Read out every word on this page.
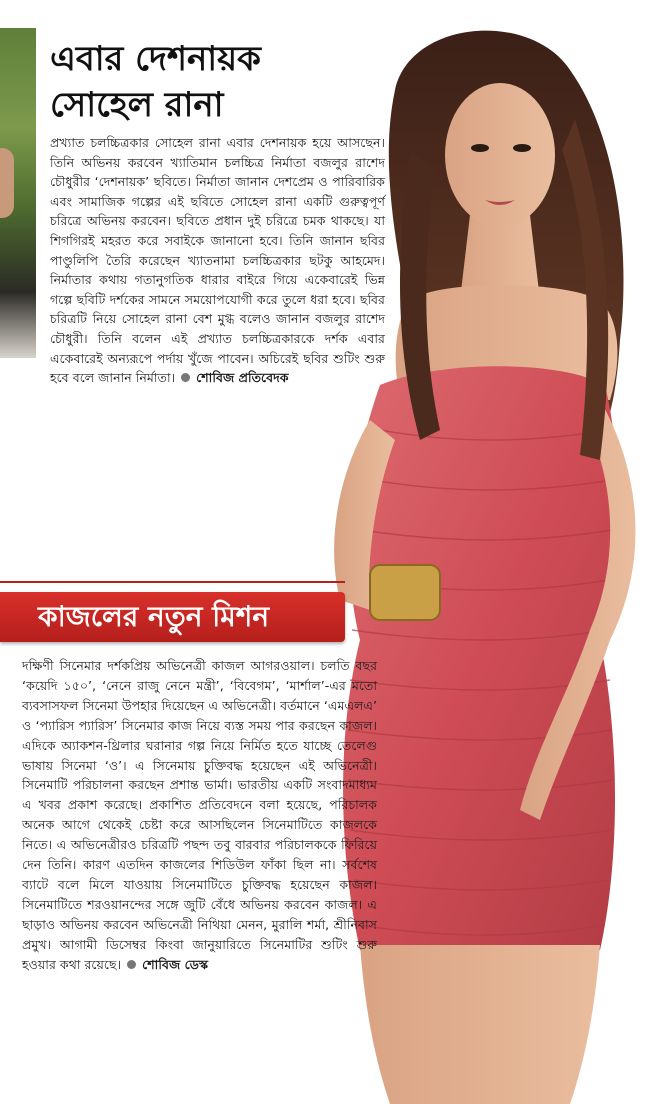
এবার দেশনায়ক
সোহেল রানা

প্রখ্যাত চলচ্চিত্রকার সোহেল রানা এবার দেশনায়ক হয়ে আসছেন। তিনি অভিনয় করবেন খ্যাতিমান চলচ্চিত্র নির্মাতা বজলুর রাশেদ চৌধুরীর ‘দেশনায়ক’ ছবিতে। নির্মাতা জানান দেশপ্রেম ও পারিবারিক এবং সামাজিক গল্পের এই ছবিতে সোহেল রানা একটি গুরুত্বপূর্ণ চরিত্রে অভিনয় করবেন। ছবিতে প্রধান দুই চরিত্রে চমক থাকছে। যা শিগগিরই মহরত করে সবাইকে জানানো হবে। তিনি জানান ছবির পাণ্ডুলিপি তৈরি করেছেন খ্যাতনামা চলচ্চিত্রকার ছটকু আহমেদ। নির্মাতার কথায় গতানুগতিক ধারার বাইরে গিয়ে একেবারেই ভিন্ন গল্পে ছবিটি দর্শকের সামনে সময়োপযোগী করে তুলে ধরা হবে। ছবির চরিত্রটি নিয়ে সোহেল রানা বেশ মুগ্ধ বলেও জানান বজলুর রাশেদ চৌধুরী। তিনি বলেন এই প্রখ্যাত চলচ্চিত্রকারকে দর্শক এবার একেবারেই অন্যরূপে পর্দায় খুঁজে পাবেন। অচিরেই ছবির শুটিং শুরু হবে বলে জানান নির্মাতা। শোবিজ প্রতিবেদক

কাজলের নতুন মিশন

দক্ষিণী সিনেমার দর্শকপ্রিয় অভিনেত্রী কাজল আগরওয়াল। চলতি বছর ‘কয়েদি ১৫০’, ‘নেনে রাজু নেনে মন্ত্রী’, ‘বিবেগম’, ‘মার্শাল’-এর মতো ব্যবসাসফল সিনেমা উপহার দিয়েছেন এ অভিনেত্রী। বর্তমানে ‘এমএলএ’ ও ‘প্যারিস প্যারিস’ সিনেমার কাজ নিয়ে ব্যস্ত সময় পার করছেন কাজল। এদিকে অ্যাকশন-থ্রিলার ঘরানার গল্প নিয়ে নির্মিত হতে যাচ্ছে তেলেগু ভাষায় সিনেমা ‘ও’। এ সিনেমায় চুক্তিবদ্ধ হয়েছেন এই অভিনেত্রী। সিনেমাটি পরিচালনা করছেন প্রশান্ত ভার্মা। ভারতীয় একটি সংবাদমাধ্যম এ খবর প্রকাশ করেছে। প্রকাশিত প্রতিবেদনে বলা হয়েছে, পরিচালক অনেক আগে থেকেই চেষ্টা করে আসছিলেন সিনেমাটিতে কাজলকে নিতে। এ অভিনেত্রীরও চরিত্রটি পছন্দ তবু বারবার পরিচালককে ফিরিয়ে দেন তিনি। কারণ এতদিন কাজলের শিডিউল ফাঁকা ছিল না। সর্বশেষ ব্যাটে বলে মিলে যাওয়ায় সিনেমাটিতে চুক্তিবদ্ধ হয়েছেন কাজল। সিনেমাটিতে শরওয়ানন্দের সঙ্গে জুটি বেঁধে অভিনয় করবেন কাজল। এ ছাড়াও অভিনয় করবেন অভিনেত্রী নিথিয়া মেনন, মুরালি শর্মা, শ্রীনিবাস প্রমুখ। আগামী ডিসেম্বর কিংবা জানুয়ারিতে সিনেমাটির শুটিং শুরু হওয়ার কথা রয়েছে। শোবিজ ডেস্ক
